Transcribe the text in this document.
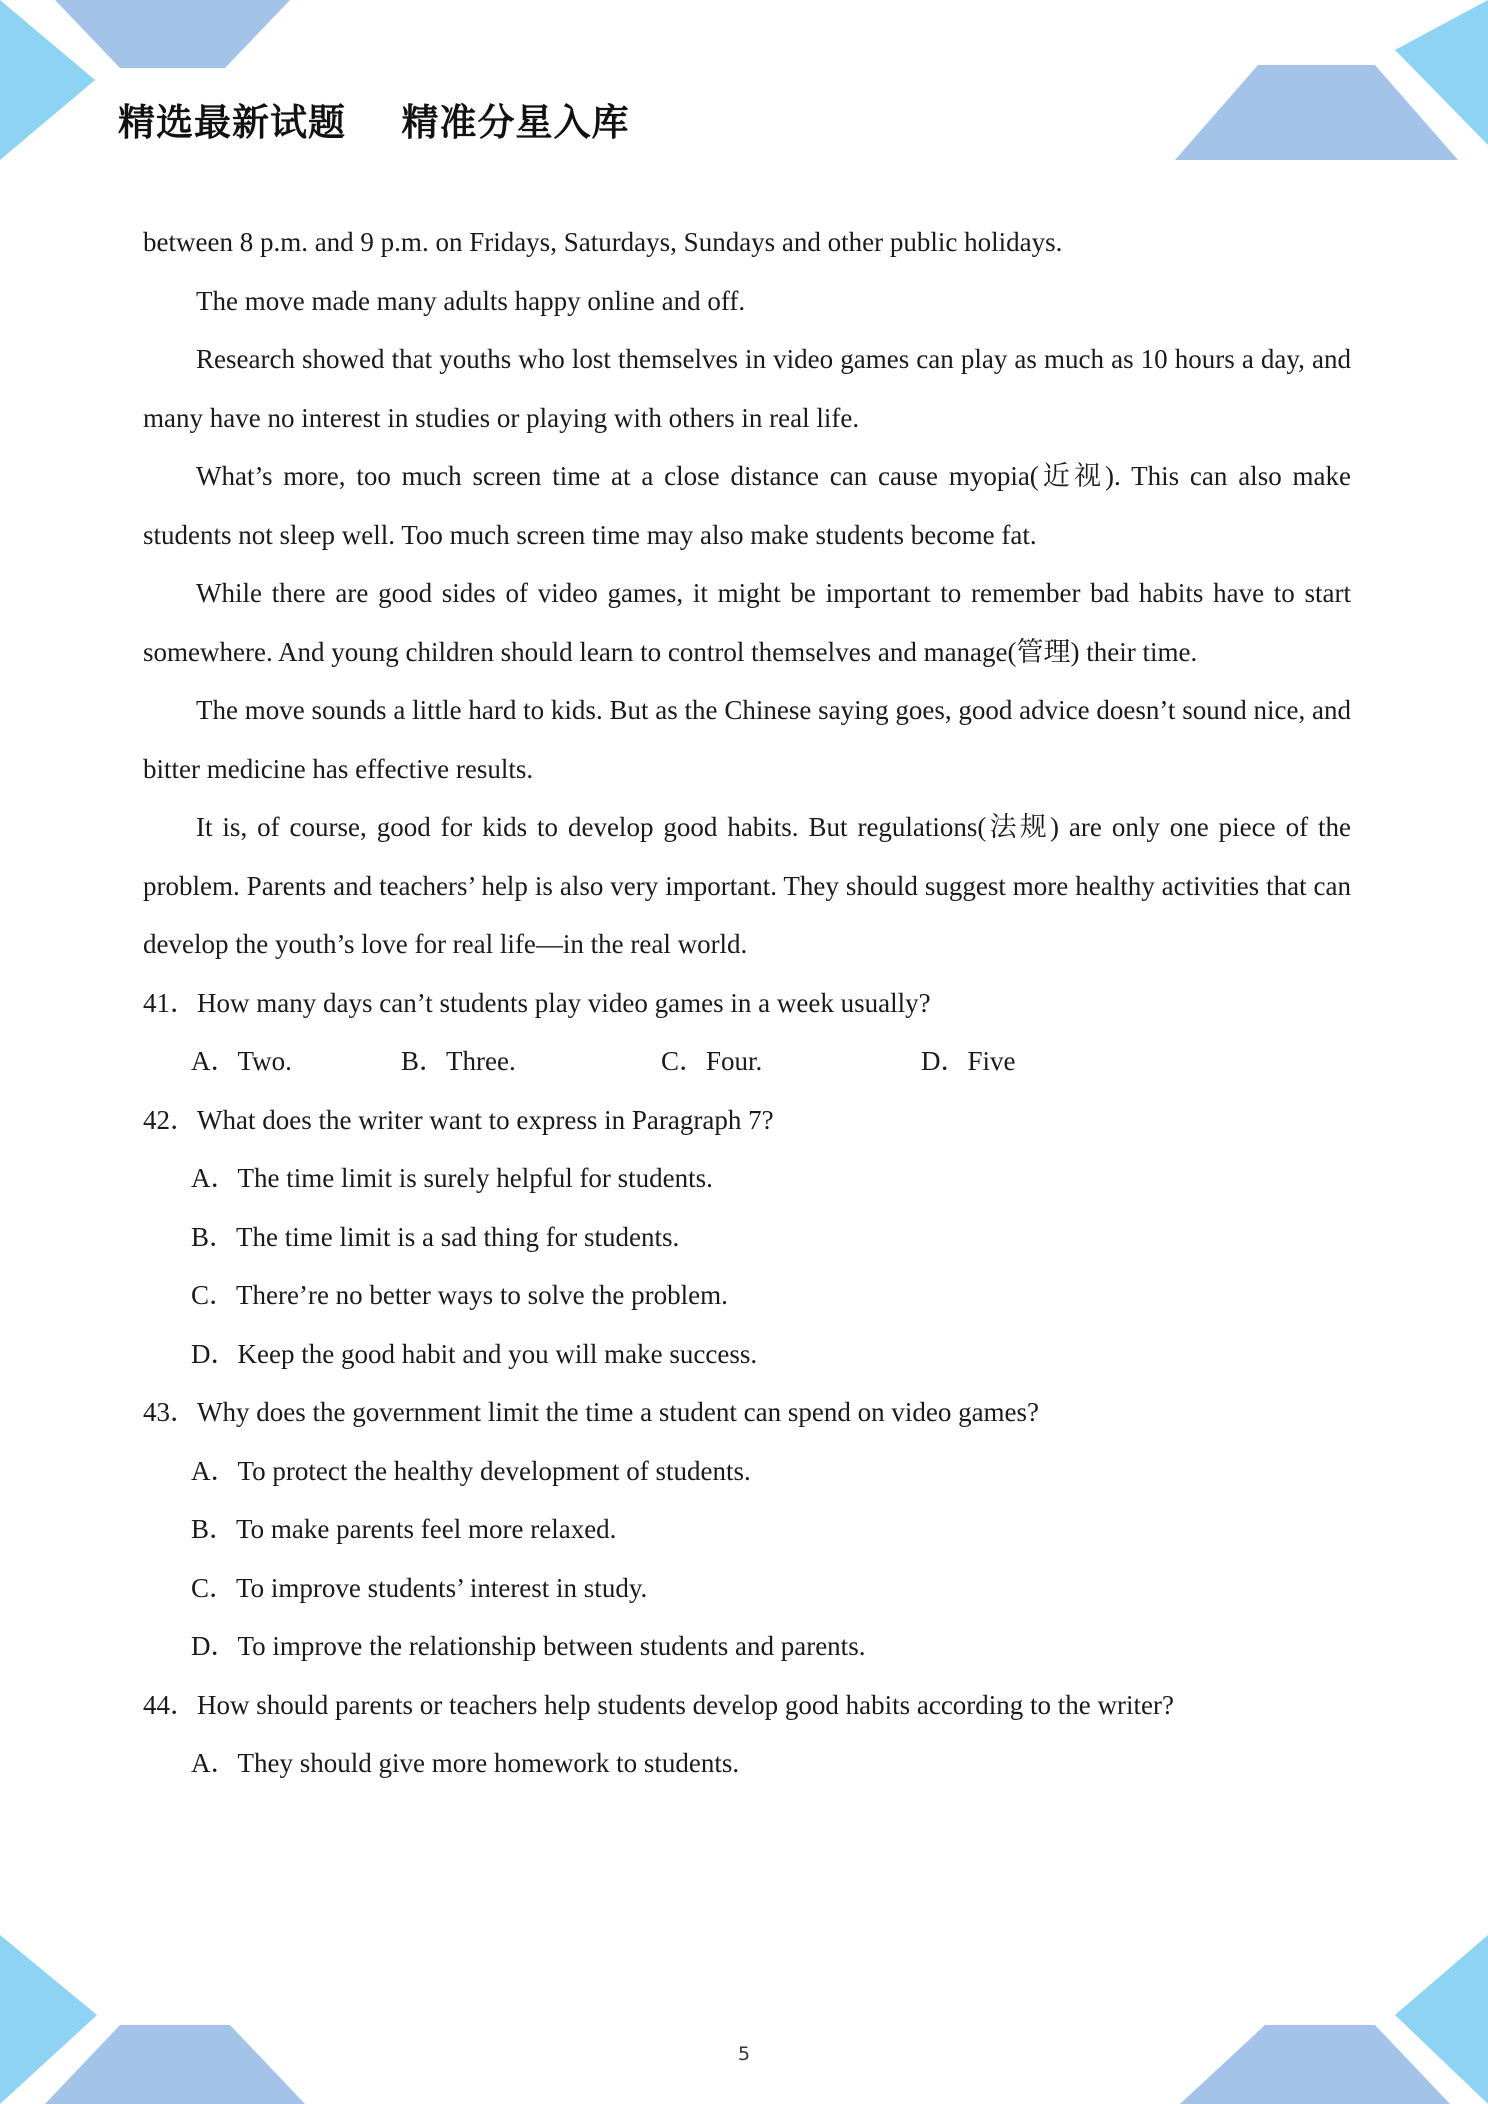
精选最新试题    精准分星入库

between 8 p.m. and 9 p.m. on Fridays, Saturdays, Sundays and other public holidays.

The move made many adults happy online and off.

Research showed that youths who lost themselves in video games can play as much as 10 hours a day, and many have no interest in studies or playing with others in real life.

What’s more, too much screen time at a close distance can cause myopia(近视). This can also make students not sleep well. Too much screen time may also make students become fat.

While there are good sides of video games, it might be important to remember bad habits have to start somewhere. And young children should learn to control themselves and manage(管理) their time.

The move sounds a little hard to kids. But as the Chinese saying goes, good advice doesn’t sound nice, and bitter medicine has effective results.

It is, of course, good for kids to develop good habits. But regulations(法规) are only one piece of the problem. Parents and teachers’ help is also very important. They should suggest more healthy activities that can develop the youth’s love for real life—in the real world.

41．How many days can’t students play video games in a week usually?

A．Two.	B．Three.	C．Four.	D．Five

42．What does the writer want to express in Paragraph 7?

A．The time limit is surely helpful for students.

B．The time limit is a sad thing for students.

C．There’re no better ways to solve the problem.

D．Keep the good habit and you will make success.

43．Why does the government limit the time a student can spend on video games?

A．To protect the healthy development of students.

B．To make parents feel more relaxed.

C．To improve students’ interest in study.

D．To improve the relationship between students and parents.

44．How should parents or teachers help students develop good habits according to the writer?

A．They should give more homework to students.

5
